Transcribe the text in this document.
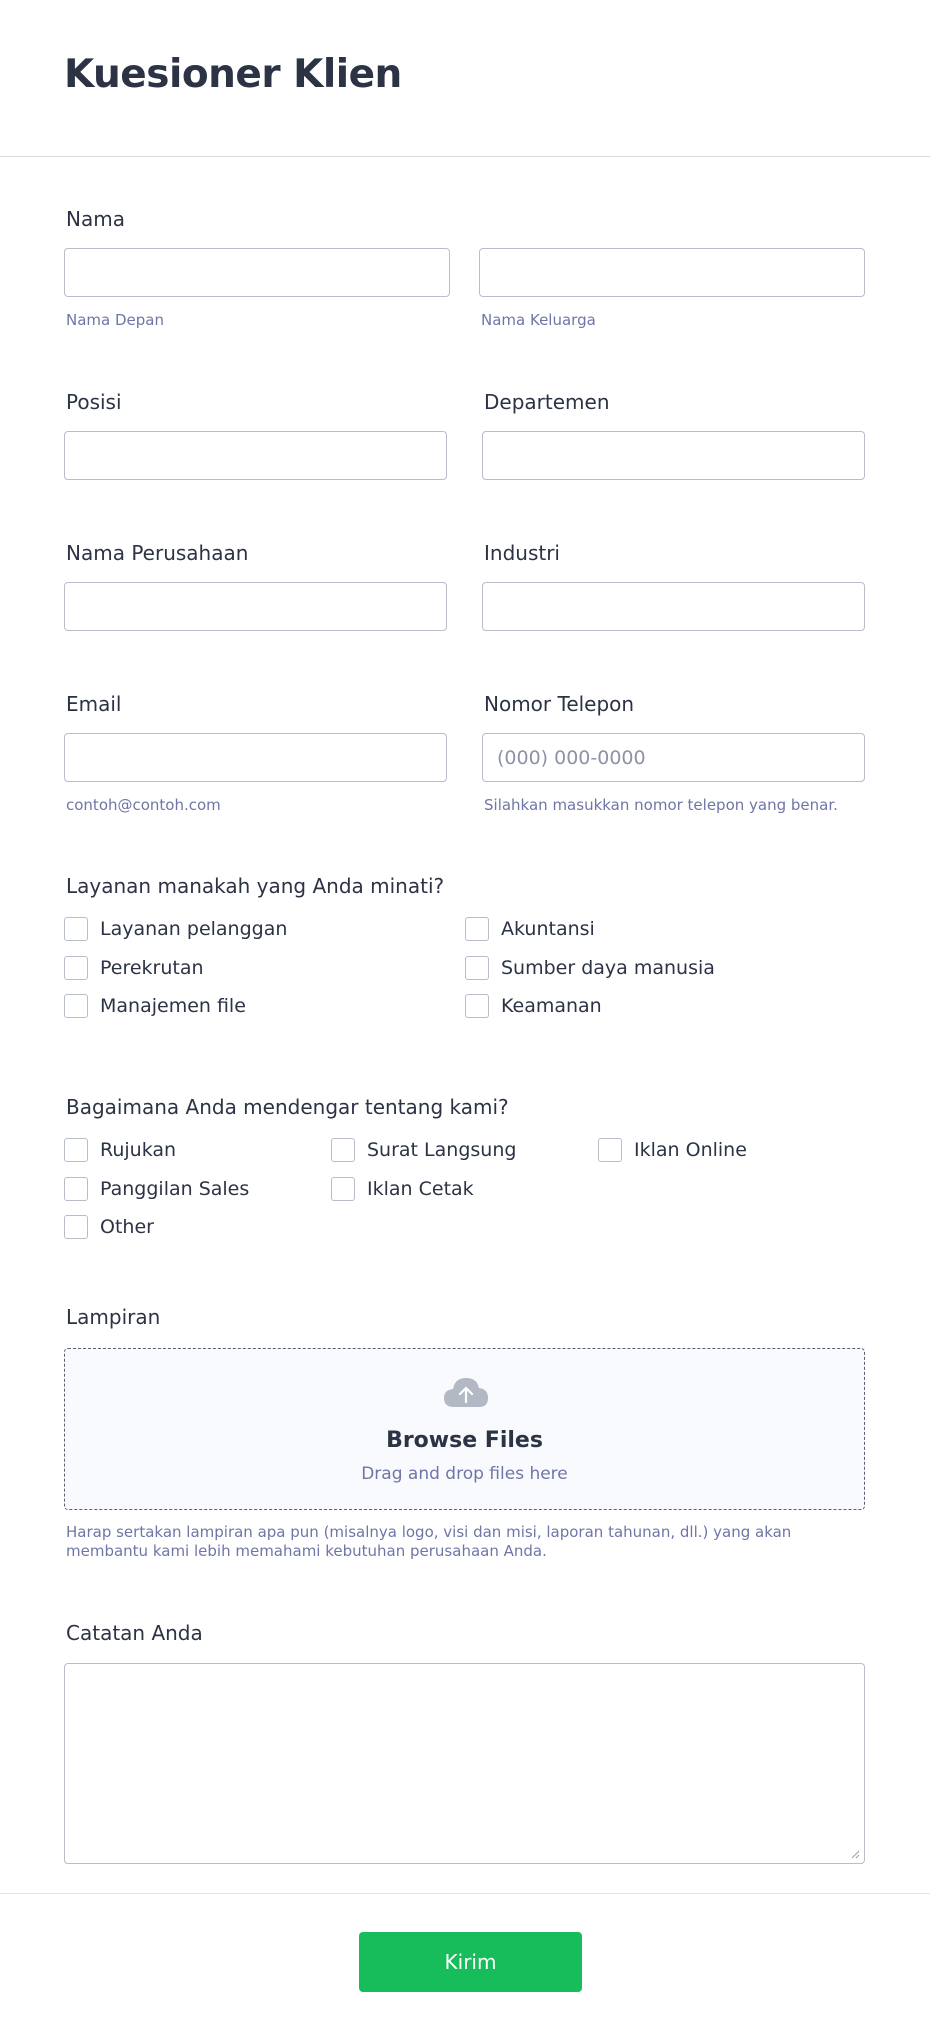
Kuesioner Klien
Nama
Nama Depan	Nama Keluarga
Posisi	Departemen
Nama Perusahaan	Industri
Email
contoh@contoh.com
Nomor Telepon
(000) 000-0000
Silahkan masukkan nomor telepon yang benar.
Layanan manakah yang Anda minati?
Layanan pelanggan	Akuntansi
Perekrutan	Sumber daya manusia
Manajemen file	Keamanan
Bagaimana Anda mendengar tentang kami?
Rujukan	Surat Langsung	Iklan Online
Panggilan Sales	Iklan Cetak
Other
Lampiran
Browse Files
Drag and drop files here
Harap sertakan lampiran apa pun (misalnya logo, visi dan misi, laporan tahunan, dll.) yang akan membantu kami lebih memahami kebutuhan perusahaan Anda.
Catatan Anda
Kirim
